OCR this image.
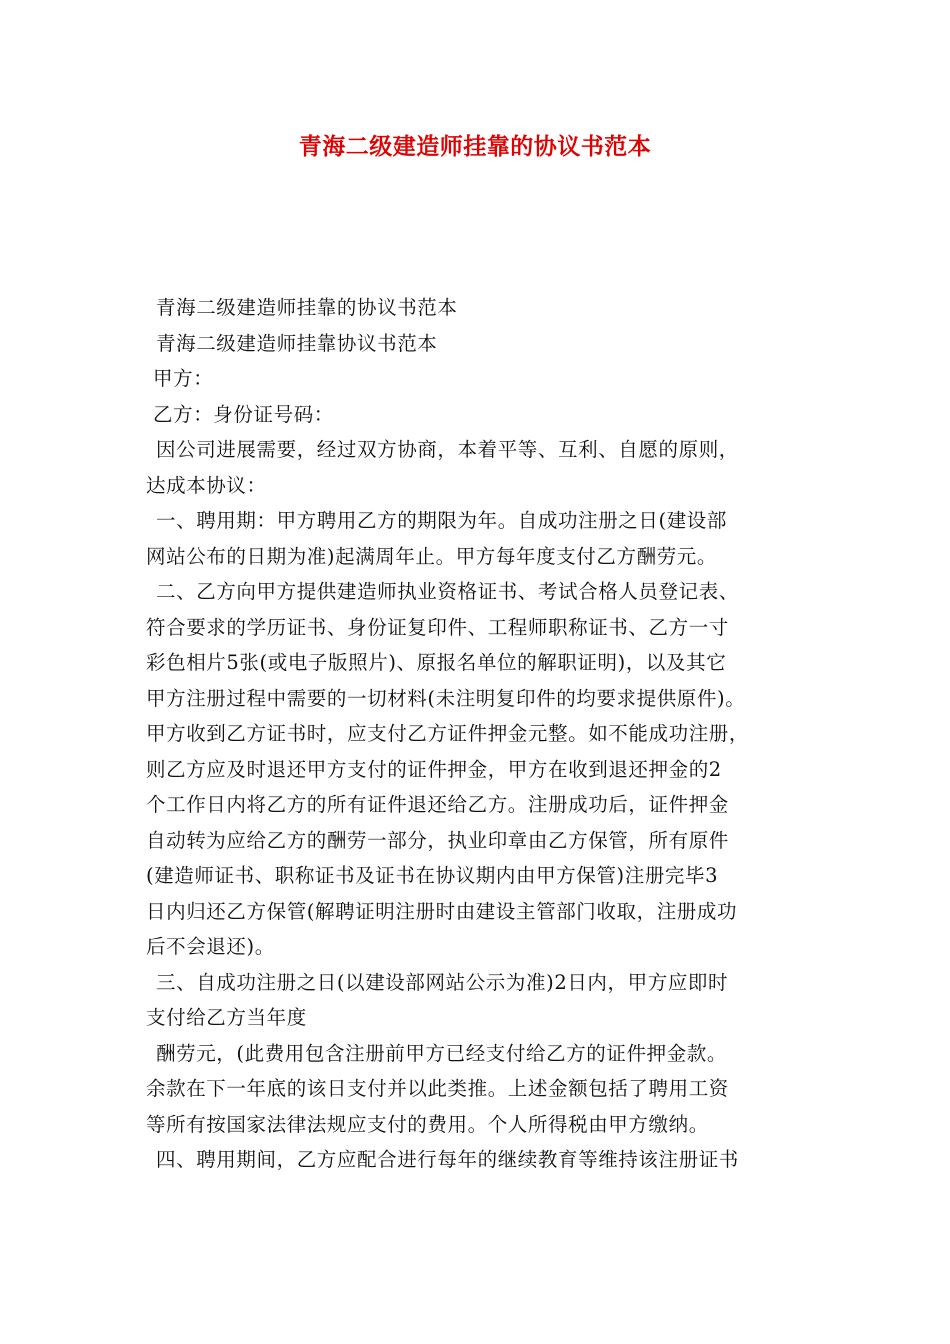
青海二级建造师挂靠的协议书范本
青海二级建造师挂靠的协议书范本
青海二级建造师挂靠协议书范本
甲方：
乙方：身份证号码：
因公司进展需要，经过双方协商，本着平等、互利、自愿的原则，
达成本协议：
一、聘用期：甲方聘用乙方的期限为年。自成功注册之日(建设部
网站公布的日期为准)起满周年止。甲方每年度支付乙方酬劳元。
二、乙方向甲方提供建造师执业资格证书、考试合格人员登记表、
符合要求的学历证书、身份证复印件、工程师职称证书、乙方一寸
彩色相片5张(或电子版照片)、原报名单位的解职证明)，以及其它
甲方注册过程中需要的一切材料(未注明复印件的均要求提供原件)。
甲方收到乙方证书时，应支付乙方证件押金元整。如不能成功注册，
则乙方应及时退还甲方支付的证件押金，甲方在收到退还押金的2
个工作日内将乙方的所有证件退还给乙方。注册成功后，证件押金
自动转为应给乙方的酬劳一部分，执业印章由乙方保管，所有原件
(建造师证书、职称证书及证书在协议期内由甲方保管)注册完毕3
日内归还乙方保管(解聘证明注册时由建设主管部门收取，注册成功
后不会退还)。
三、自成功注册之日(以建设部网站公示为准)2日内，甲方应即时
支付给乙方当年度
酬劳元，(此费用包含注册前甲方已经支付给乙方的证件押金款。
余款在下一年底的该日支付并以此类推。上述金额包括了聘用工资
等所有按国家法律法规应支付的费用。个人所得税由甲方缴纳。
四、聘用期间，乙方应配合进行每年的继续教育等维持该注册证书
